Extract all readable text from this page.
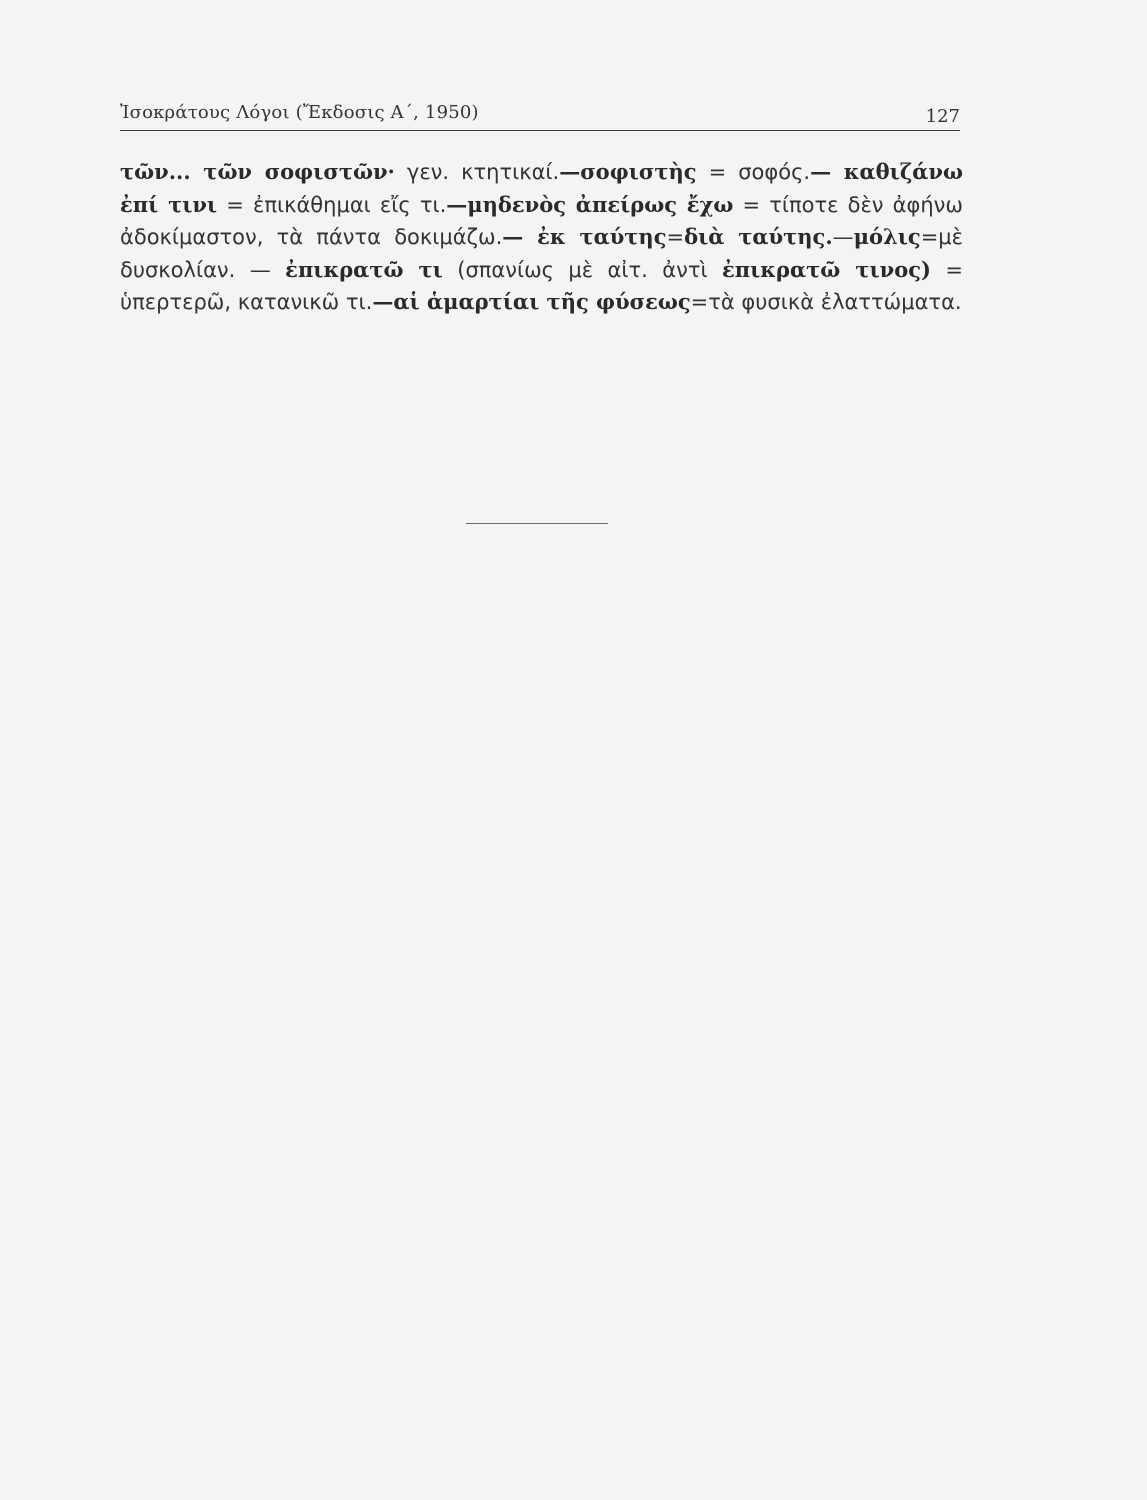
Ἰσοκράτους Λόγοι (Ἔκδοσις Α΄, 1950)	127
τῶν... τῶν σοφιστῶν· γεν. κτητικαί.—σοφιστὴς = σοφός.— καθιζάνω ἐπί τινι = ἐπικάθημαι εἴς τι.—μηδενὸς ἀπείρως ἔχω = τίποτε δὲν ἀφήνω ἀδοκίμαστον, τὰ πάντα δοκιμάζω.— ἐκ ταύτης=διὰ ταύτης.—μόλις=μὲ δυσκολίαν. — ἐπικρατῶ τι (σπανίως μὲ αἰτ. ἀντὶ ἐπικρατῶ τινος) = ὑπερτερῶ, κατανικῶ τι.—αἱ ἁμαρτίαι τῆς φύσεως=τὰ φυσικὰ ἐλαττώματα.
